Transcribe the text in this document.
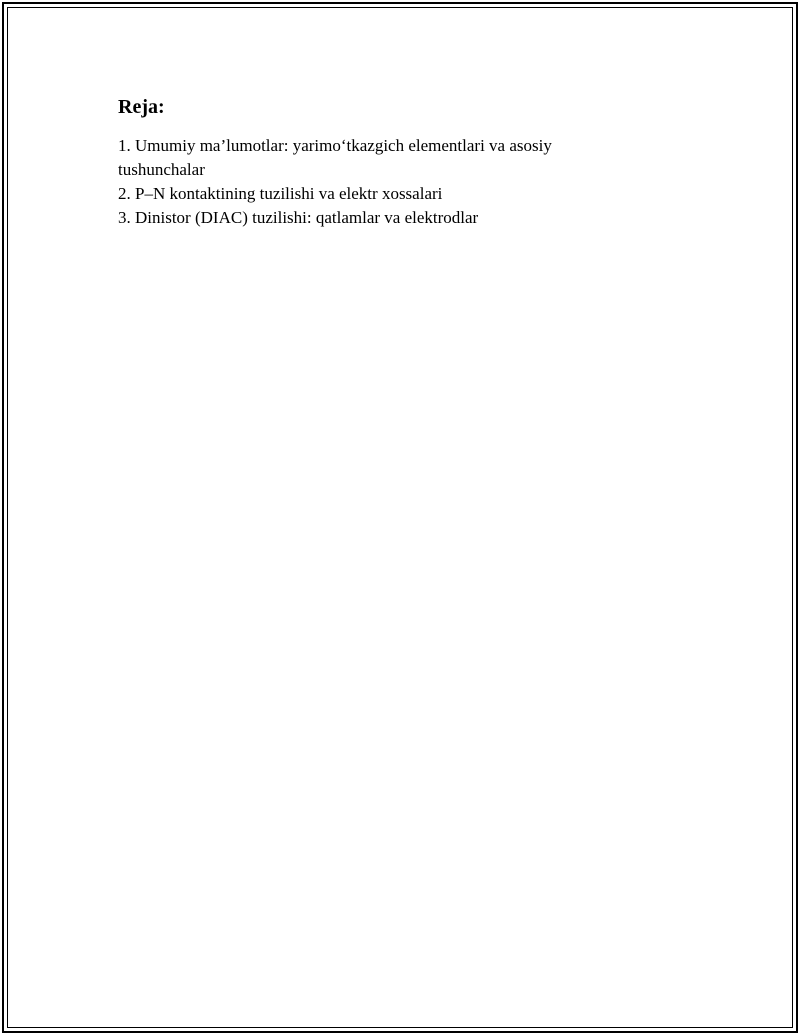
Reja:
1. Umumiy ma’lumotlar: yarimo‘tkazgich elementlari va asosiy tushunchalar
2. P–N kontaktining tuzilishi va elektr xossalari
3. Dinistor (DIAC) tuzilishi: qatlamlar va elektrodlar
